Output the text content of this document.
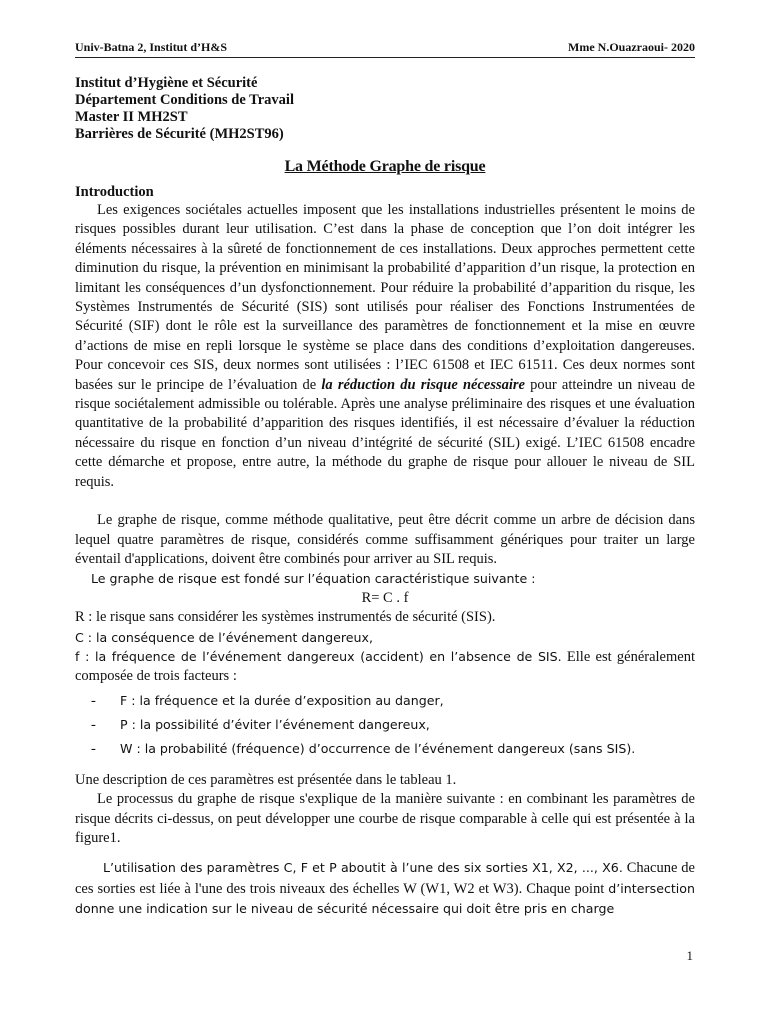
Univ-Batna 2, Institut d’H&S	Mme N.Ouazraoui- 2020
Institut d’Hygiène et Sécurité
Département Conditions de Travail
Master II MH2ST
Barrières de Sécurité (MH2ST96)
La Méthode Graphe de risque
Introduction

Les exigences sociétales actuelles imposent que les installations industrielles présentent le moins de risques possibles durant leur utilisation. C’est dans la phase de conception que l’on doit intégrer les éléments nécessaires à la sûreté de fonctionnement de ces installations. Deux approches permettent cette diminution du risque, la prévention en minimisant la probabilité d’apparition d’un risque, la protection en limitant les conséquences d’un dysfonctionnement. Pour réduire la probabilité d’apparition du risque, les Systèmes Instrumentés de Sécurité (SIS) sont utilisés pour réaliser des Fonctions Instrumentées de Sécurité (SIF) dont le rôle est la surveillance des paramètres de fonctionnement et la mise en œuvre d’actions de mise en repli lorsque le système se place dans des conditions d’exploitation dangereuses. Pour concevoir ces SIS, deux normes sont utilisées : l’IEC 61508 et IEC 61511. Ces deux normes sont basées sur le principe de l’évaluation de la réduction du risque nécessaire pour atteindre un niveau de risque sociétalement admissible ou tolérable. Après une analyse préliminaire des risques et une évaluation quantitative de la probabilité d’apparition des risques identifiés, il est nécessaire d’évaluer la réduction nécessaire du risque en fonction d’un niveau d’intégrité de sécurité (SIL) exigé. L’IEC 61508 encadre cette démarche et propose, entre autre, la méthode du graphe de risque pour allouer le niveau de SIL requis.

Le graphe de risque, comme méthode qualitative, peut être décrit comme un arbre de décision dans lequel quatre paramètres de risque, considérés comme suffisamment génériques pour traiter un large éventail d'applications, doivent être combinés pour arriver au SIL requis.

Le graphe de risque est fondé sur l’équation caractéristique suivante :

R= C . f

R : le risque sans considérer les systèmes instrumentés de sécurité (SIS).

C : la conséquence de l’événement dangereux,

f : la fréquence de l’événement dangereux (accident) en l’absence de SIS. Elle est généralement composée de trois facteurs :

-	F : la fréquence et la durée d’exposition au danger,
-	P : la possibilité d’éviter l’événement dangereux,
-	W : la probabilité (fréquence) d’occurrence de l’événement dangereux (sans SIS).

Une description de ces paramètres est présentée dans le tableau 1.

Le processus du graphe de risque s'explique de la manière suivante : en combinant les paramètres de risque décrits ci-dessus, on peut développer une courbe de risque comparable à celle qui est présentée à la figure1.

L’utilisation des paramètres C, F et P aboutit à l’une des six sorties X1, X2, ..., X6. Chacune de ces sorties est liée à l'une des trois niveaux des échelles W (W1, W2 et W3). Chaque point d’intersection donne une indication sur le niveau de sécurité nécessaire qui doit être pris en charge

1
